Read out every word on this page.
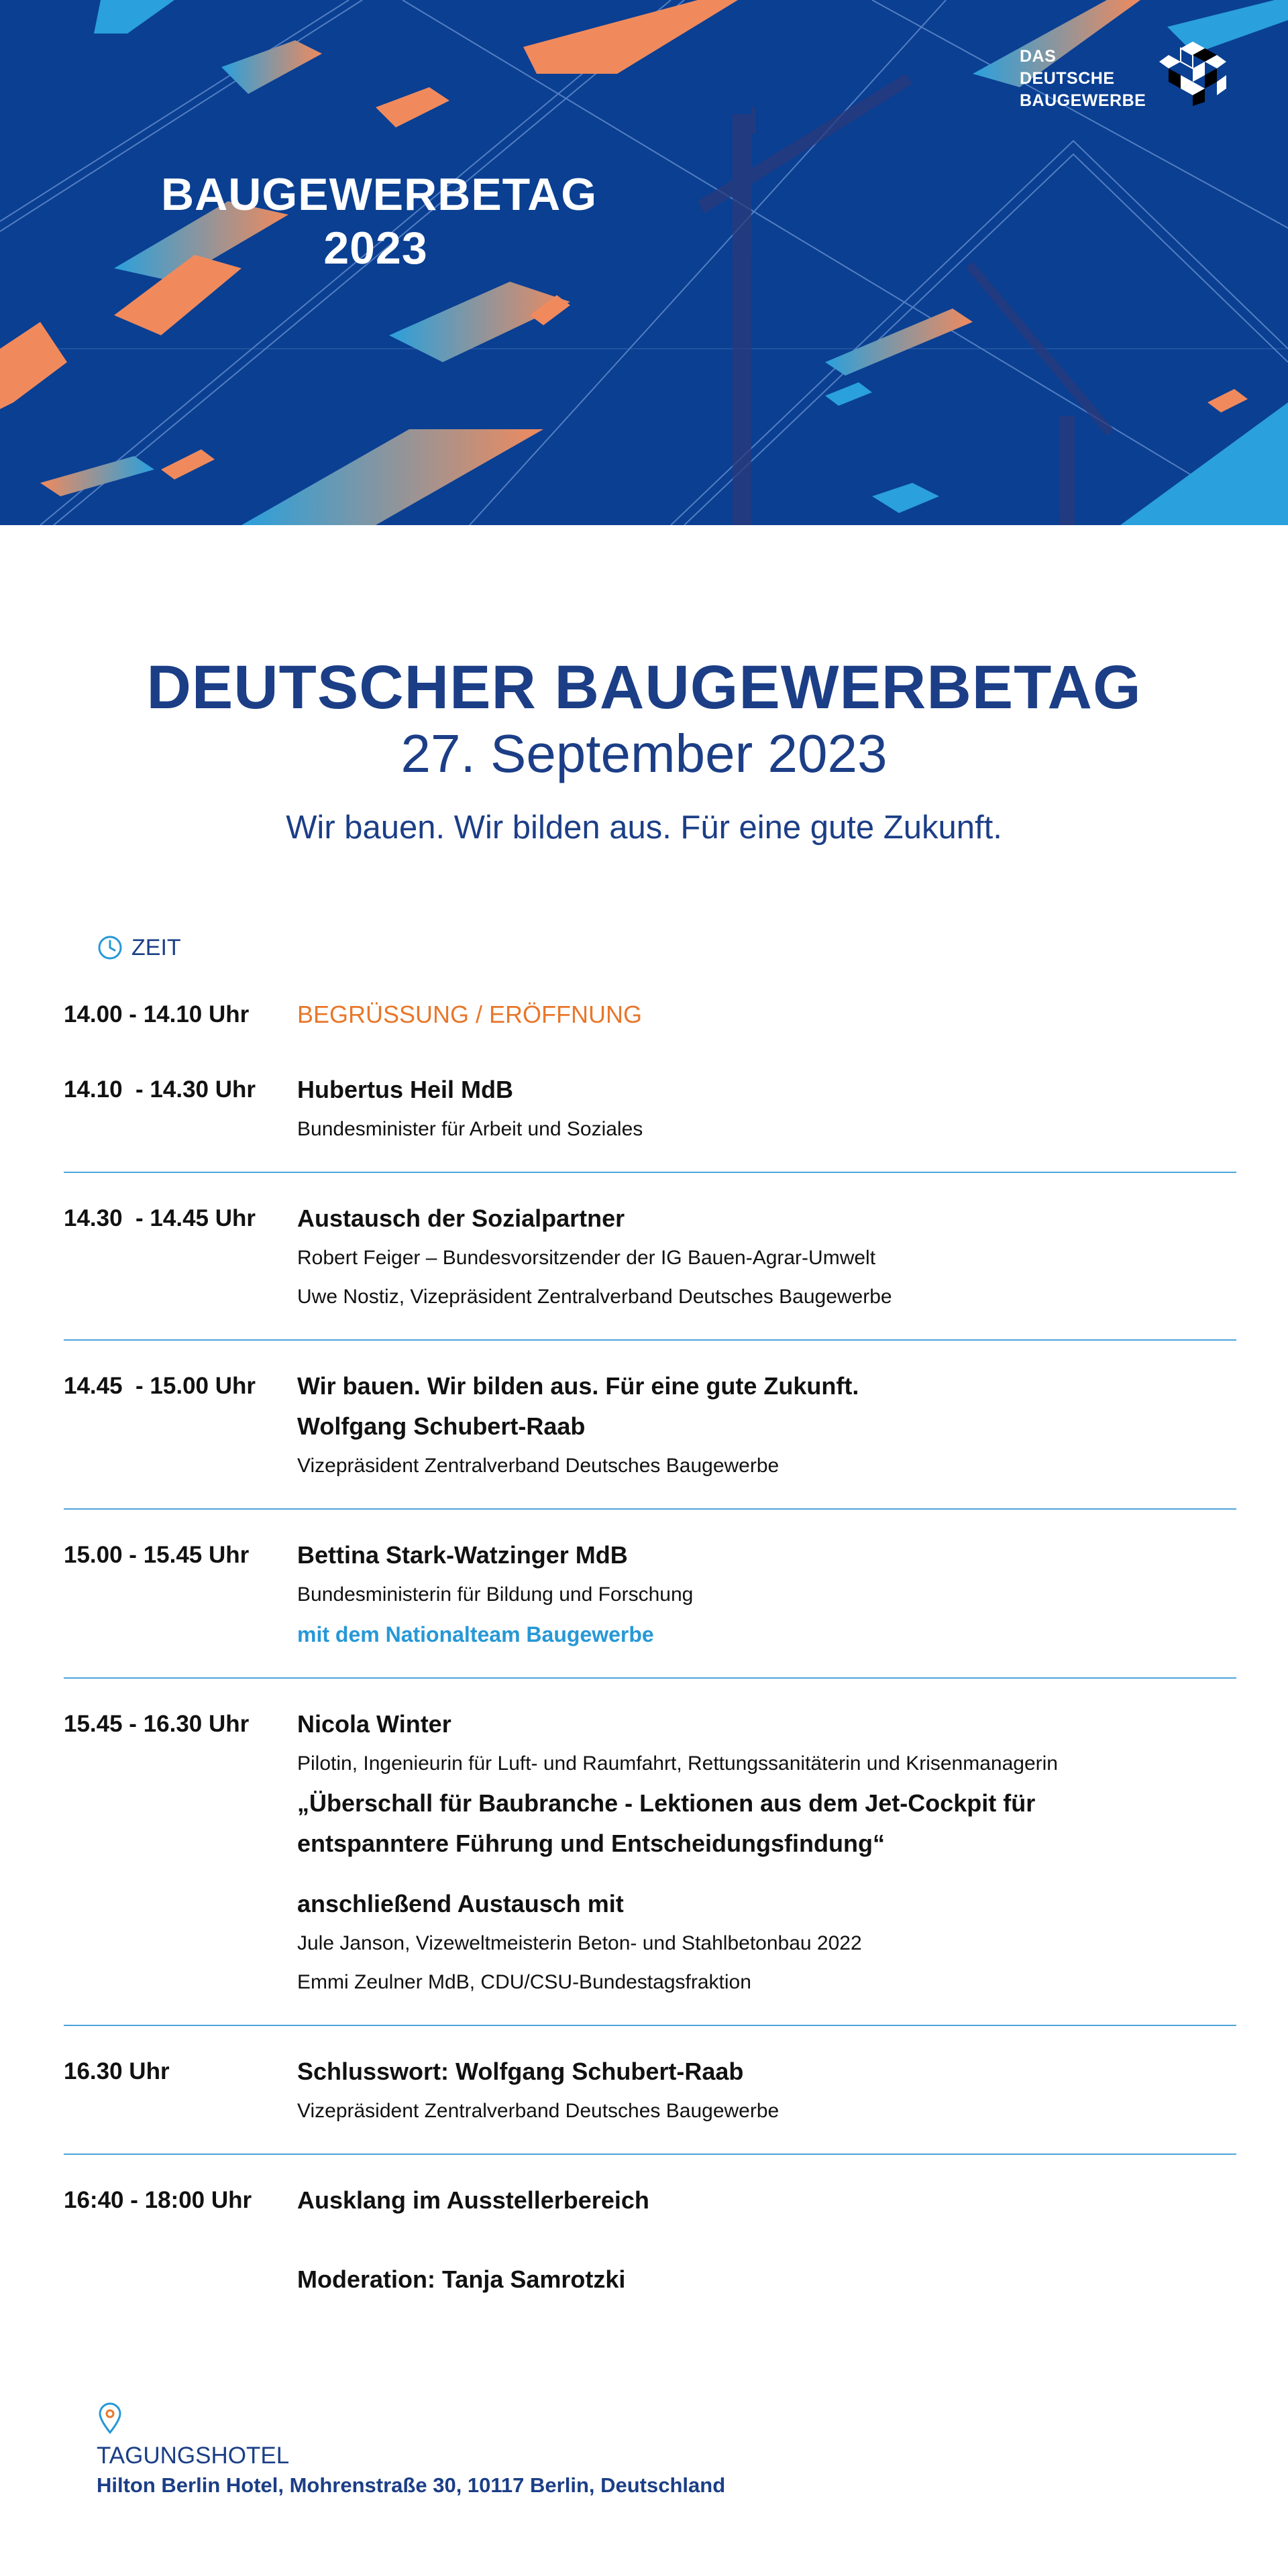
BAUGEWERBETAG
2023
DAS DEUTSCHE
BAUGEWERBE
DEUTSCHER BAUGEWERBETAG
27. September 2023
Wir bauen. Wir bilden aus. Für eine gute Zukunft.
ZEIT
14.00 - 14.10 Uhr	BEGRÜSSUNG / ERÖFFNUNG
14.10  - 14.30 Uhr	Hubertus Heil MdB
Bundesminister für Arbeit und Soziales
14.30  - 14.45 Uhr	Austausch der Sozialpartner
Robert Feiger – Bundesvorsitzender der IG Bauen-Agrar-Umwelt
Uwe Nostiz, Vizepräsident Zentralverband Deutsches Baugewerbe
14.45  - 15.00 Uhr	Wir bauen. Wir bilden aus. Für eine gute Zukunft.
Wolfgang Schubert-Raab
Vizepräsident Zentralverband Deutsches Baugewerbe
15.00 - 15.45 Uhr	Bettina Stark-Watzinger MdB
Bundesministerin für Bildung und Forschung
mit dem Nationalteam Baugewerbe
15.45 - 16.30 Uhr	Nicola Winter
Pilotin, Ingenieurin für Luft- und Raumfahrt, Rettungssanitäterin und Krisenmanagerin
„Überschall für Baubranche - Lektionen aus dem Jet-Cockpit für
entspanntere Führung und Entscheidungsfindung“
anschließend Austausch mit
Jule Janson, Vizeweltmeisterin Beton- und Stahlbetonbau 2022
Emmi Zeulner MdB, CDU/CSU-Bundestagsfraktion
16.30 Uhr	Schlusswort: Wolfgang Schubert-Raab
Vizepräsident Zentralverband Deutsches Baugewerbe
16:40 - 18:00 Uhr	Ausklang im Ausstellerbereich
Moderation: Tanja Samrotzki
TAGUNGSHOTEL
Hilton Berlin Hotel, Mohrenstraße 30, 10117 Berlin, Deutschland
